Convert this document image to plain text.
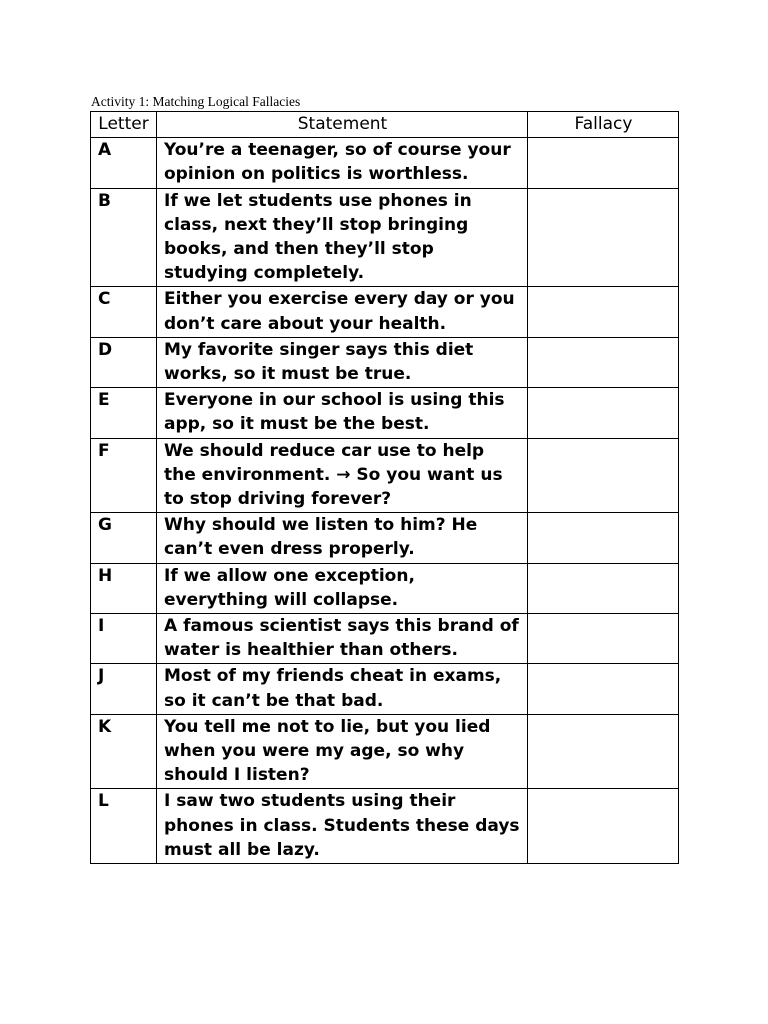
Activity 1: Matching Logical Fallacies
Letter	Statement	Fallacy
A	You’re a teenager, so of course your opinion on politics is worthless.	
B	If we let students use phones in class, next they’ll stop bringing books, and then they’ll stop studying completely.	
C	Either you exercise every day or you don’t care about your health.	
D	My favorite singer says this diet works, so it must be true.	
E	Everyone in our school is using this app, so it must be the best.	
F	We should reduce car use to help the environment. → So you want us to stop driving forever?	
G	Why should we listen to him? He can’t even dress properly.	
H	If we allow one exception, everything will collapse.	
I	A famous scientist says this brand of water is healthier than others.	
J	Most of my friends cheat in exams, so it can’t be that bad.	
K	You tell me not to lie, but you lied when you were my age, so why should I listen?	
L	I saw two students using their phones in class. Students these days must all be lazy.	
